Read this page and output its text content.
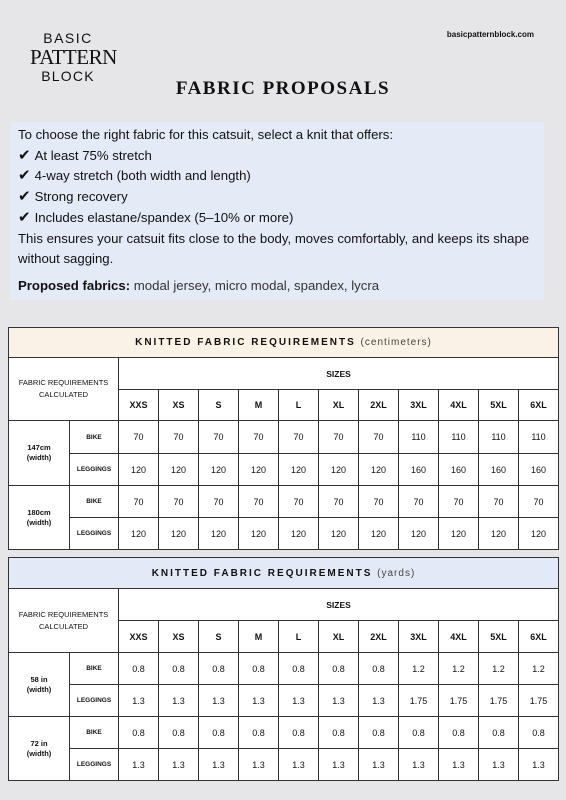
BASIC
PATTERN
BLOCK
basicpatternblock.com
FABRIC PROPOSALS
To choose the right fabric for this catsuit, select a knit that offers:
✔ At least 75% stretch
✔ 4-way stretch (both width and length)
✔ Strong recovery
✔ Includes elastane/spandex (5–10% or more)
This ensures your catsuit fits close to the body, moves comfortably, and keeps its shape without sagging.
Proposed fabrics: modal jersey, micro modal, spandex, lycra
KNITTED FABRIC REQUIREMENTS (centimeters)												
FABRIC REQUIREMENTS CALCULATED		SIZES										
		XXS	XS	S	M	L	XL	2XL	3XL	4XL	5XL	6XL

147cm
(width)	BIKE	70	70	70	70	70	70	70	110	110	110	110
	LEGGINGS	120	120	120	120	120	120	120	160	160	160	160

180cm
(width)	BIKE	70	70	70	70	70	70	70	70	70	70	70
	LEGGINGS	120	120	120	120	120	120	120	120	120	120	120
KNITTED FABRIC REQUIREMENTS (yards)												
FABRIC REQUIREMENTS CALCULATED		SIZES										
		XXS	XS	S	M	L	XL	2XL	3XL	4XL	5XL	6XL

58 in
(width)	BIKE	0.8	0.8	0.8	0.8	0.8	0.8	0.8	1.2	1.2	1.2	1.2
	LEGGINGS	1.3	1.3	1.3	1.3	1.3	1.3	1.3	1.75	1.75	1.75	1.75

72 in
(width)	BIKE	0.8	0.8	0.8	0.8	0.8	0.8	0.8	0.8	0.8	0.8	0.8
	LEGGINGS	1.3	1.3	1.3	1.3	1.3	1.3	1.3	1.3	1.3	1.3	1.3
